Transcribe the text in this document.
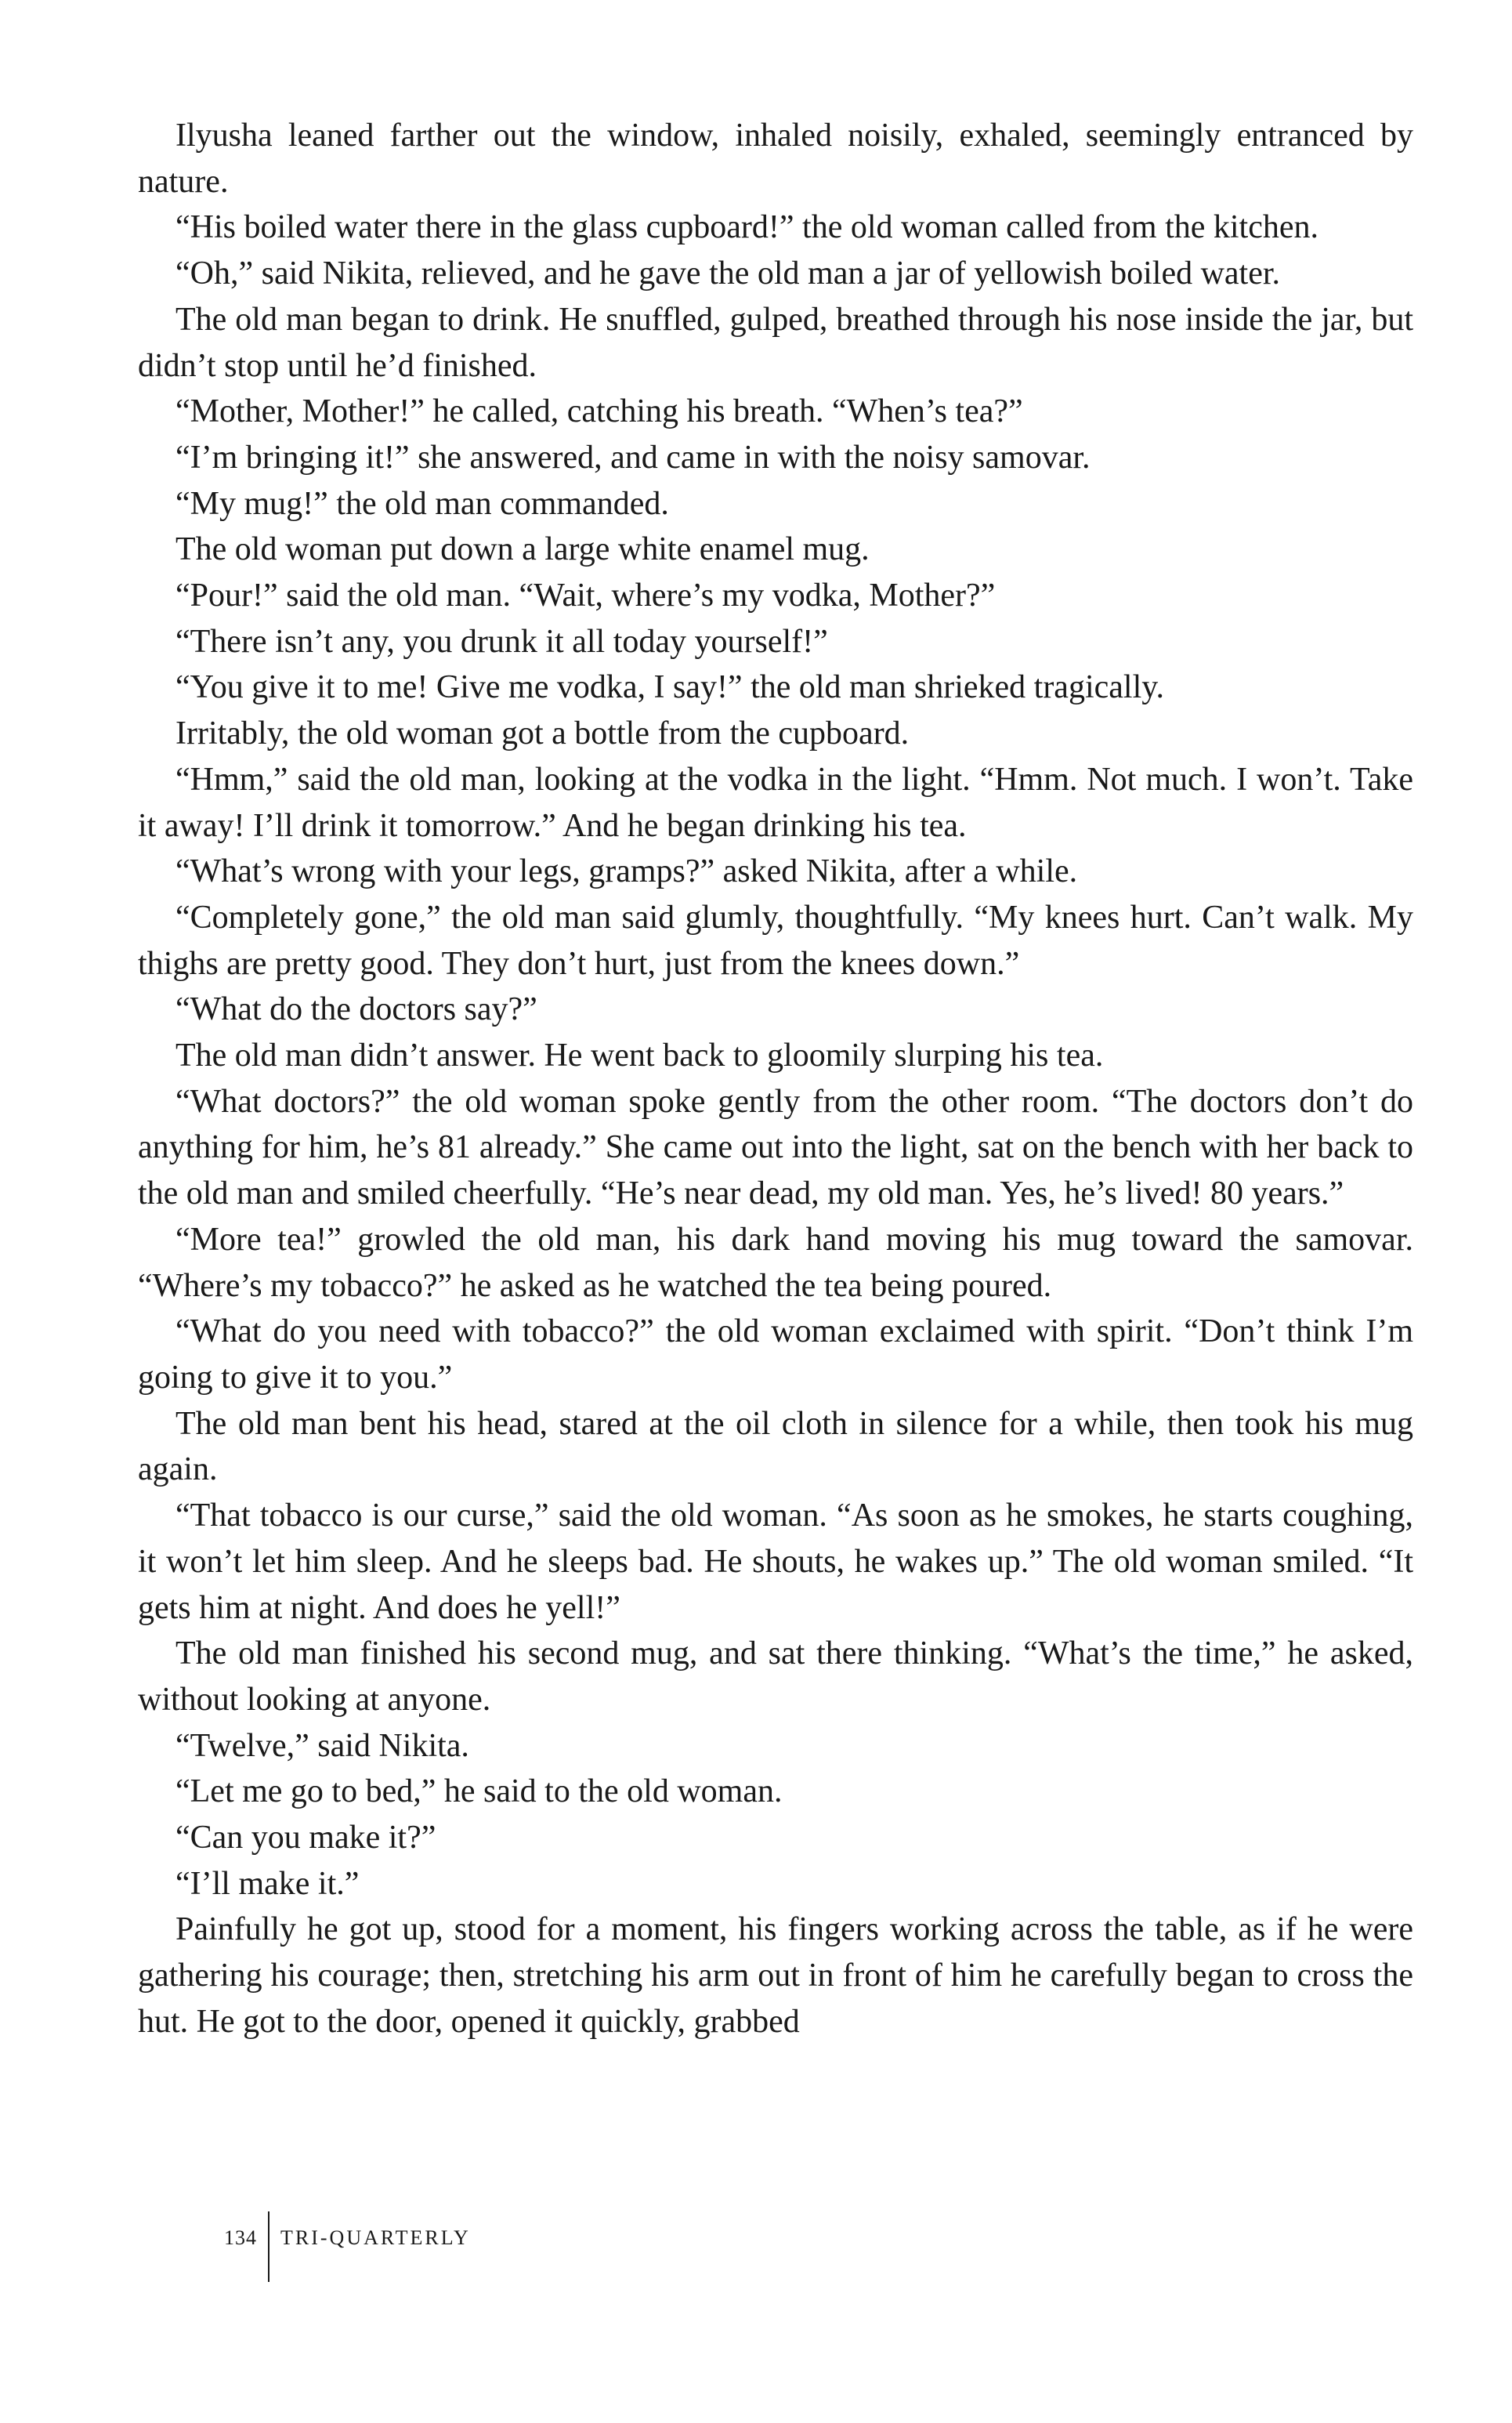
Ilyusha leaned farther out the window, inhaled noisily, exhaled, seemingly entranced by nature.

“His boiled water there in the glass cupboard!” the old woman called from the kitchen.

“Oh,” said Nikita, relieved, and he gave the old man a jar of yellowish boiled water.

The old man began to drink. He snuffled, gulped, breathed through his nose inside the jar, but didn’t stop until he’d finished.

“Mother, Mother!” he called, catching his breath. “When’s tea?”

“I’m bringing it!” she answered, and came in with the noisy samovar.

“My mug!” the old man commanded.

The old woman put down a large white enamel mug.

“Pour!” said the old man. “Wait, where’s my vodka, Mother?”

“There isn’t any, you drunk it all today yourself!”

“You give it to me! Give me vodka, I say!” the old man shrieked tragically.

Irritably, the old woman got a bottle from the cupboard.

“Hmm,” said the old man, looking at the vodka in the light. “Hmm. Not much. I won’t. Take it away! I’ll drink it tomorrow.” And he began drinking his tea.

“What’s wrong with your legs, gramps?” asked Nikita, after a while.

“Completely gone,” the old man said glumly, thoughtfully. “My knees hurt. Can’t walk. My thighs are pretty good. They don’t hurt, just from the knees down.”

“What do the doctors say?”

The old man didn’t answer. He went back to gloomily slurping his tea.

“What doctors?” the old woman spoke gently from the other room. “The doctors don’t do anything for him, he’s 81 already.” She came out into the light, sat on the bench with her back to the old man and smiled cheerfully. “He’s near dead, my old man. Yes, he’s lived! 80 years.”

“More tea!” growled the old man, his dark hand moving his mug toward the samovar. “Where’s my tobacco?” he asked as he watched the tea being poured.

“What do you need with tobacco?” the old woman exclaimed with spirit. “Don’t think I’m going to give it to you.”

The old man bent his head, stared at the oil cloth in silence for a while, then took his mug again.

“That tobacco is our curse,” said the old woman. “As soon as he smokes, he starts coughing, it won’t let him sleep. And he sleeps bad. He shouts, he wakes up.” The old woman smiled. “It gets him at night. And does he yell!”

The old man finished his second mug, and sat there thinking. “What’s the time,” he asked, without looking at anyone.

“Twelve,” said Nikita.

“Let me go to bed,” he said to the old woman.

“Can you make it?”

“I’ll make it.”

Painfully he got up, stood for a moment, his fingers working across the table, as if he were gathering his courage; then, stretching his arm out in front of him he carefully began to cross the hut. He got to the door, opened it quickly, grabbed

134	TRI-QUARTERLY
